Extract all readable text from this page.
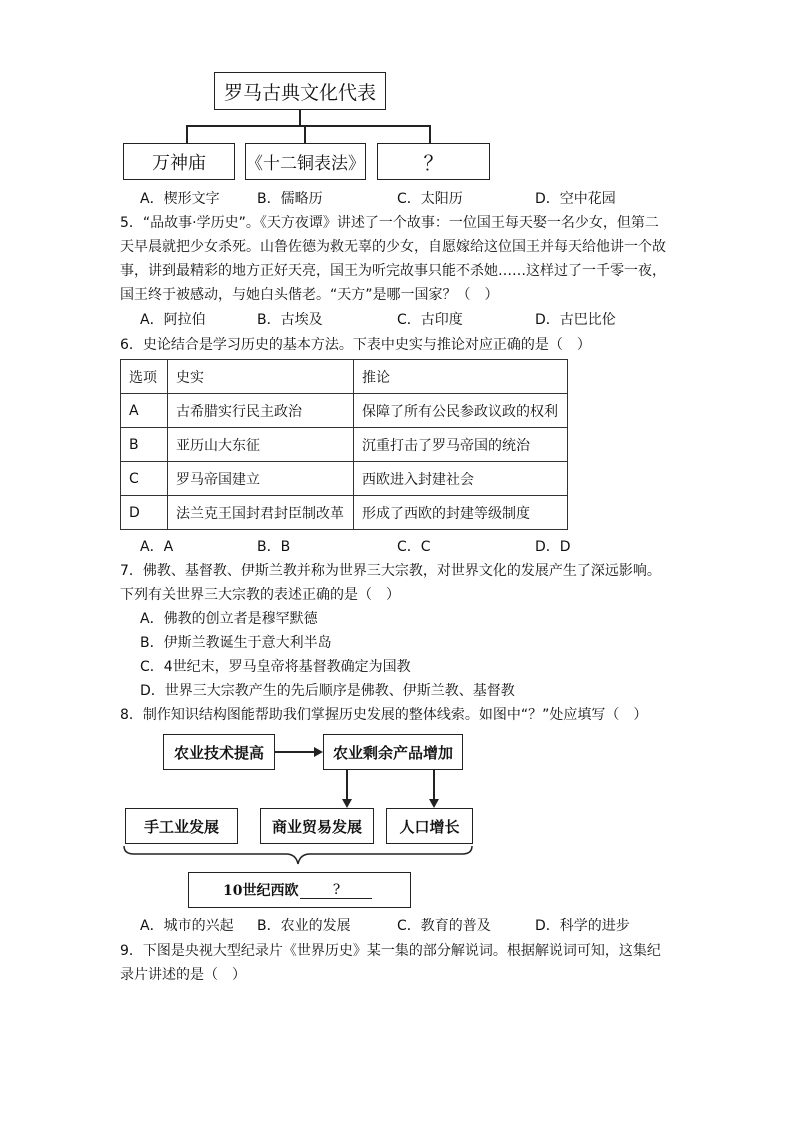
罗马古典文化代表
万神庙 《十二铜表法》	？
A．楔形文字	B．儒略历	C．太阳历	D．空中花园
5．“品故事·学历史”。《天方夜谭》讲述了一个故事：一位国王每天娶一名少女，但第二
天早晨就把少女杀死。山鲁佐德为救无辜的少女，自愿嫁给这位国王并每天给他讲一个故
事，讲到最精彩的地方正好天亮，国王为听完故事只能不杀她……这样过了一千零一夜，
国王终于被感动，与她白头偕老。“天方”是哪一国家？（　）
A．阿拉伯	B．古埃及	C．古印度	D．古巴比伦
6．史论结合是学习历史的基本方法。下表中史实与推论对应正确的是（　）
选项	史实	推论
A	古希腊实行民主政治	保障了所有公民参政议政的权利
B	亚历山大东征	沉重打击了罗马帝国的统治
C	罗马帝国建立	西欧进入封建社会
D	法兰克王国封君封臣制改革	形成了西欧的封建等级制度
A．A	B．B	C．C	D．D
7．佛教、基督教、伊斯兰教并称为世界三大宗教，对世界文化的发展产生了深远影响。
下列有关世界三大宗教的表述正确的是（　）
A．佛教的创立者是穆罕默德
B．伊斯兰教诞生于意大利半岛
C．4世纪末，罗马皇帝将基督教确定为国教
D．世界三大宗教产生的先后顺序是佛教、伊斯兰教、基督教
8．制作知识结构图能帮助我们掌握历史发展的整体线索。如图中“？”处应填写（　）
农业技术提高	农业剩余产品增加
手工业发展	商业贸易发展 人口增长
10世纪西欧	?
A．城市的兴起 B．农业的发展	C．教育的普及	D．科学的进步
9．下图是央视大型纪录片《世界历史》某一集的部分解说词。根据解说词可知，这集纪
录片讲述的是（　）
